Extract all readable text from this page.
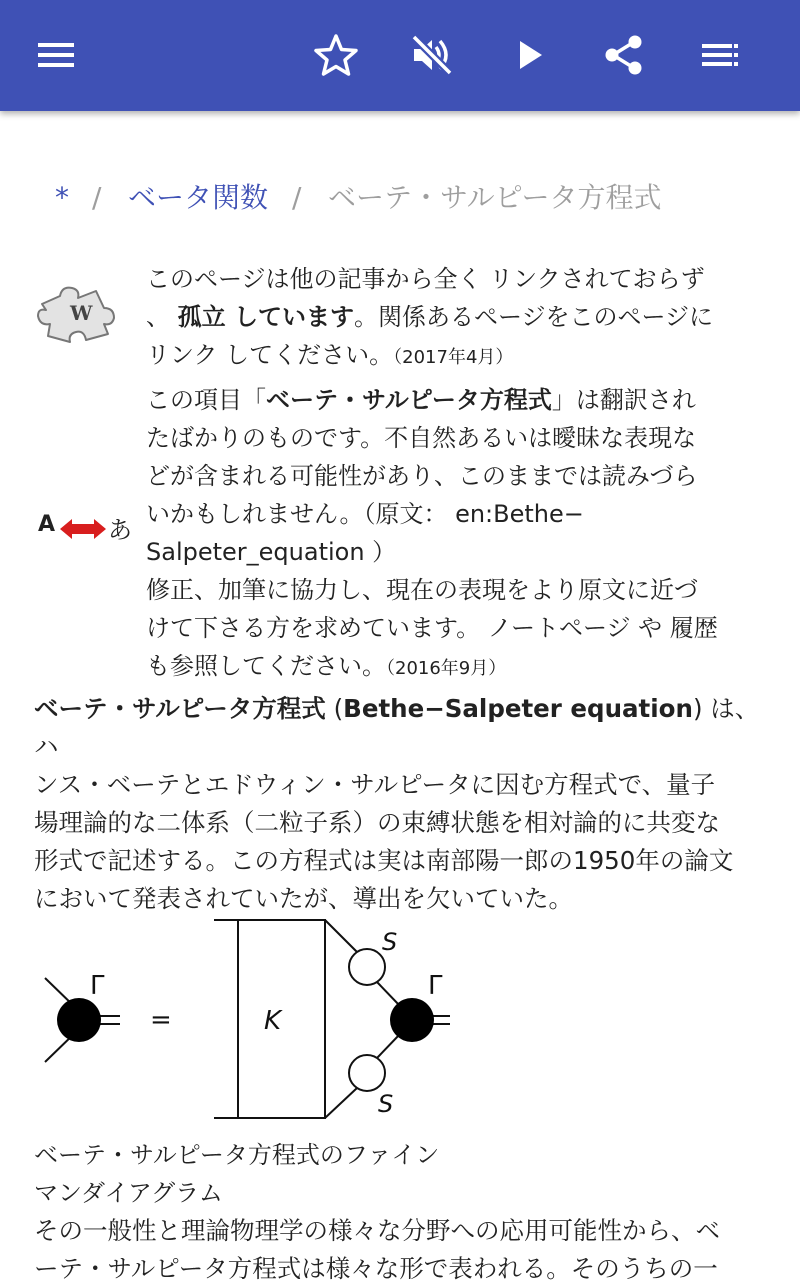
* / ベータ関数 / ベーテ・サルピータ方程式
W
このページは他の記事から全く リンクされておらず
、 孤立 しています。関係あるページをこのページに
リンク してください。（2017年4月）
A あ
この項目「ベーテ・サルピータ方程式」は翻訳され
たばかりのものです。不自然あるいは曖昧な表現な
どが含まれる可能性があり、このままでは読みづら
いかもしれません。（原文： en:Bethe−
Salpeter_equation ）
修正、加筆に協力し、現在の表現をより原文に近づ
けて下さる方を求めています。 ノートページ や 履歴
も参照してください。（2016年9月）
ベーテ・サルピータ方程式 (Bethe−Salpeter equation) は、ハ
ンス・ベーテとエドウィン・サルピータに因む方程式で、量子
場理論的な二体系（二粒子系）の束縛状態を相対論的に共変な
形式で記述する。この方程式は実は南部陽一郎の1950年の論文
において発表されていたが、導出を欠いていた。
Γ
=	K
S
S
Γ
ベーテ・サルピータ方程式のファイン
マンダイアグラム
その一般性と理論物理学の様々な分野への応用可能性から、ベ
ーテ・サルピータ方程式は様々な形で表われる。そのうちの一
